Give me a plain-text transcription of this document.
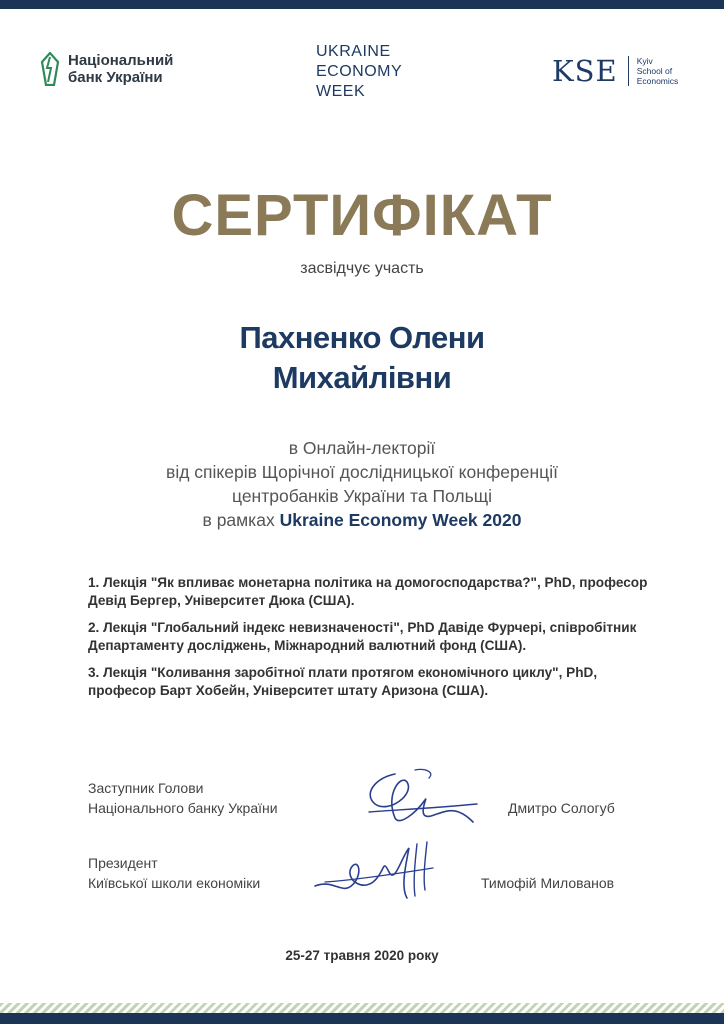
Національний
банк України
UKRAINE
ECONOMY
WEEK
KSE Kyiv
School of
Economics
СЕРТИФІКАТ
засвідчує участь
Пахненко Олени
Михайлівни
в Онлайн-лекторії
від спікерів Щорічної дослідницької конференції
центробанків України та Польщі
в рамках Ukraine Economy Week 2020

1. Лекція "Як впливає монетарна політика на домогосподарства?", PhD, професор Девід Бергер, Університет Дюка (США).

2. Лекція "Глобальний індекс невизначеності", PhD Давіде Фурчері, співробітник Департаменту досліджень, Міжнародний валютний фонд (США).

3. Лекція "Коливання заробітної плати протягом економічного циклу", PhD, професор Барт Хобейн, Університет штату Аризона (США).

Заступник Голови
Національного банку України	Дмитро Сологуб
Президент
Київської школи економіки	Тимофій Милованов
25-27 травня 2020 року
